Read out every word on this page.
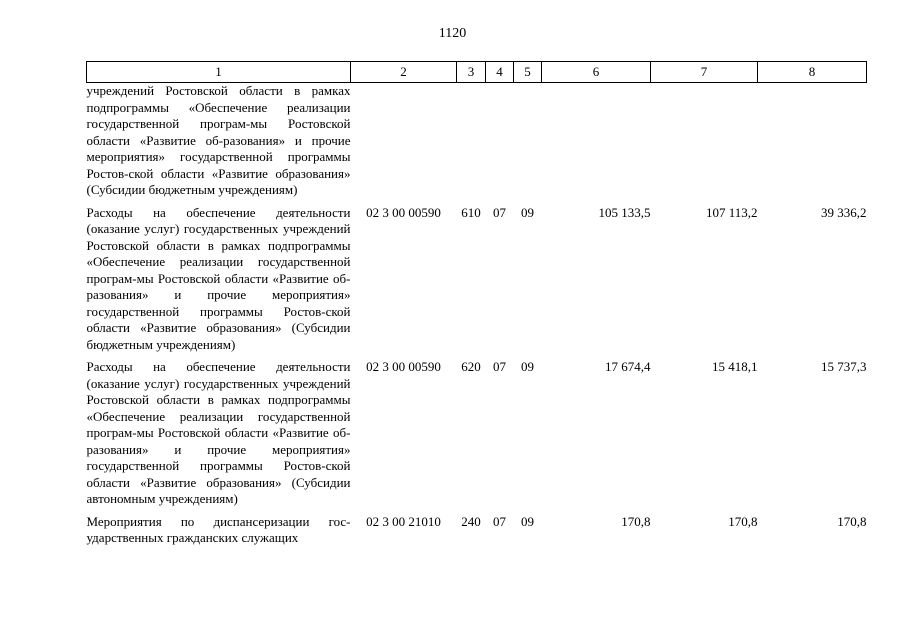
1120
1	2	3	4	5	6	7	8
учреждений Ростовской области в рамках подпрограммы «Обеспечение реализации государственной програм-мы Ростовской области «Развитие об-разования» и прочие мероприятия» государственной программы Ростов-ской области «Развитие образования» (Субсидии бюджетным учреждениям)							
Расходы на обеспечение деятельности (оказание услуг) государственных учреждений Ростовской области в рамках подпрограммы «Обеспечение реализации государственной програм-мы Ростовской области «Развитие об-разования» и прочие мероприятия» государственной программы Ростов-ской области «Развитие образования» (Субсидии бюджетным учреждениям)	02 3 00 00590	610	07	09	105 133,5	107 113,2	39 336,2
Расходы на обеспечение деятельности (оказание услуг) государственных учреждений Ростовской области в рамках подпрограммы «Обеспечение реализации государственной програм-мы Ростовской области «Развитие об-разования» и прочие мероприятия» государственной программы Ростов-ской области «Развитие образования» (Субсидии автономным учреждениям)	02 3 00 00590	620	07	09	17 674,4	15 418,1	15 737,3
Мероприятия по диспансеризации гос-ударственных гражданских служащих	02 3 00 21010	240	07	09	170,8	170,8	170,8
